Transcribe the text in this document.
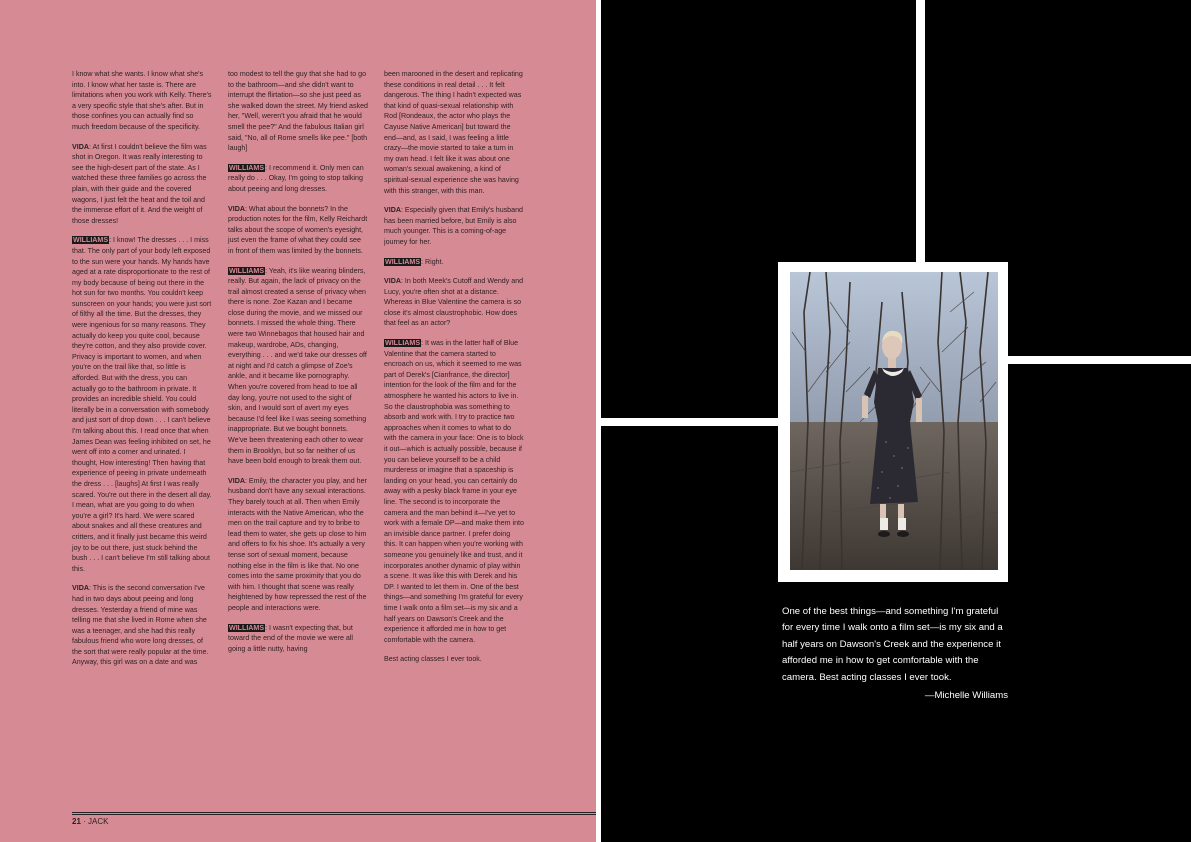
I know what she wants. I know what she's into. I know what her taste is. There are limitations when you work with Kelly. There's a very specific style that she's after. But in those confines you can actually find so much freedom because of the specificity.

VIDA: At first I couldn't believe the film was shot in Oregon. It was really interesting to see the high-desert part of the state. As I watched these three families go across the plain, with their guide and the covered wagons, I just felt the heat and the toil and the immense effort of it. And the weight of those dresses!

WILLIAMS: I know! The dresses . . . I miss that. The only part of your body left exposed to the sun were your hands. My hands have aged at a rate disproportionate to the rest of my body because of being out there in the hot sun for two months. You couldn't keep sunscreen on your hands; you were just sort of filthy all the time. But the dresses, they were ingenious for so many reasons. They actually do keep you quite cool, because they're cotton, and they also provide cover. Privacy is important to women, and when you're on the trail like that, so little is afforded. But with the dress, you can actually go to the bathroom in private. It provides an incredible shield. You could literally be in a conversation with somebody and just sort of drop down . . . I can't believe I'm talking about this. I read once that when James Dean was feeling inhibited on set, he went off into a corner and urinated. I thought, How interesting! Then having that experience of peeing in private underneath the dress . . . [laughs] At first I was really scared. You're out there in the desert all day. I mean, what are you going to do when you're a girl? It's hard. We were scared about snakes and all these creatures and critters, and it finally just became this weird joy to be out there, just stuck behind the bush . . . I can't believe I'm still talking about this.

VIDA: This is the second conversation I've had in two days about peeing and long dresses. Yesterday a friend of mine was telling me that she lived in Rome when she was a teenager, and she had this really fabulous friend who wore long dresses, of the sort that were really popular at the time. Anyway, this girl was on a date and was

too modest to tell the guy that she had to go to the bathroom—and she didn't want to interrupt the flirtation—so she just peed as she walked down the street. My friend asked her, "Well, weren't you afraid that he would smell the pee?" And the fabulous Italian girl said, "No, all of Rome smells like pee." [both laugh]

WILLIAMS: I recommend it. Only men can really do . . . Okay, I'm going to stop talking about peeing and long dresses.

VIDA: What about the bonnets? In the production notes for the film, Kelly Reichardt talks about the scope of women's eyesight, just even the frame of what they could see in front of them was limited by the bonnets.

WILLIAMS: Yeah, it's like wearing blinders, really. But again, the lack of privacy on the trail almost created a sense of privacy when there is none. Zoe Kazan and I became close during the movie, and we missed our bonnets. I missed the whole thing. There were two Winnebagos that housed hair and makeup, wardrobe, ADs, changing, everything . . . and we'd take our dresses off at night and I'd catch a glimpse of Zoe's ankle, and it became like pornography. When you're covered from head to toe all day long, you're not used to the sight of skin, and I would sort of avert my eyes because I'd feel like I was seeing something inappropriate. But we bought bonnets. We've been threatening each other to wear them in Brooklyn, but so far neither of us have been bold enough to break them out.

VIDA: Emily, the character you play, and her husband don't have any sexual interactions. They barely touch at all. Then when Emily interacts with the Native American, who the men on the trail capture and try to bribe to lead them to water, she gets up close to him and offers to fix his shoe. It's actually a very tense sort of sexual moment, because nothing else in the film is like that. No one comes into the same proximity that you do with him. I thought that scene was really heightened by how repressed the rest of the people and interactions were.

WILLIAMS: I wasn't expecting that, but toward the end of the movie we were all going a little nutty, having

been marooned in the desert and replicating these conditions in real detail . . . It felt dangerous. The thing I hadn't expected was that kind of quasi-sexual relationship with Rod [Rondeaux, the actor who plays the Cayuse Native American] but toward the end—and, as I said, I was feeling a little crazy—the movie started to take a turn in my own head. I felt like it was about one woman's sexual awakening, a kind of spiritual-sexual experience she was having with this stranger, with this man.

VIDA: Especially given that Emily's husband has been married before, but Emily is also much younger. This is a coming-of-age journey for her.

WILLIAMS: Right.

VIDA: In both Meek's Cutoff and Wendy and Lucy, you're often shot at a distance. Whereas in Blue Valentine the camera is so close it's almost claustrophobic. How does that feel as an actor?

WILLIAMS: It was in the latter half of Blue Valentine that the camera started to encroach on us, which it seemed to me was part of Derek's [Cianfrance, the director] intention for the look of the film and for the atmosphere he wanted his actors to live in. So the claustrophobia was something to absorb and work with. I try to practice two approaches when it comes to what to do with the camera in your face: One is to block it out—which is actually possible, because if you can believe yourself to be a child murderess or imagine that a spaceship is landing on your head, you can certainly do away with a pesky black frame in your eye line. The second is to incorporate the camera and the man behind it—I've yet to work with a female DP—and make them into an invisible dance partner. I prefer doing this. It can happen when you're working with someone you genuinely like and trust, and it incorporates another dynamic of play within a scene. It was like this with Derek and his DP. I wanted to let them in. One of the best things—and something I'm grateful for every time I walk onto a film set—is my six and a half years on Dawson's Creek and the experience it afforded me in how to get comfortable with the camera.

Best acting classes I ever took.

21 · JACK
One of the best things—and something I'm grateful for every time I walk onto a film set—is my six and a half years on Dawson's Creek and the experience it afforded me in how to get comfortable with the camera. Best acting classes I ever took.
—Michelle Williams
